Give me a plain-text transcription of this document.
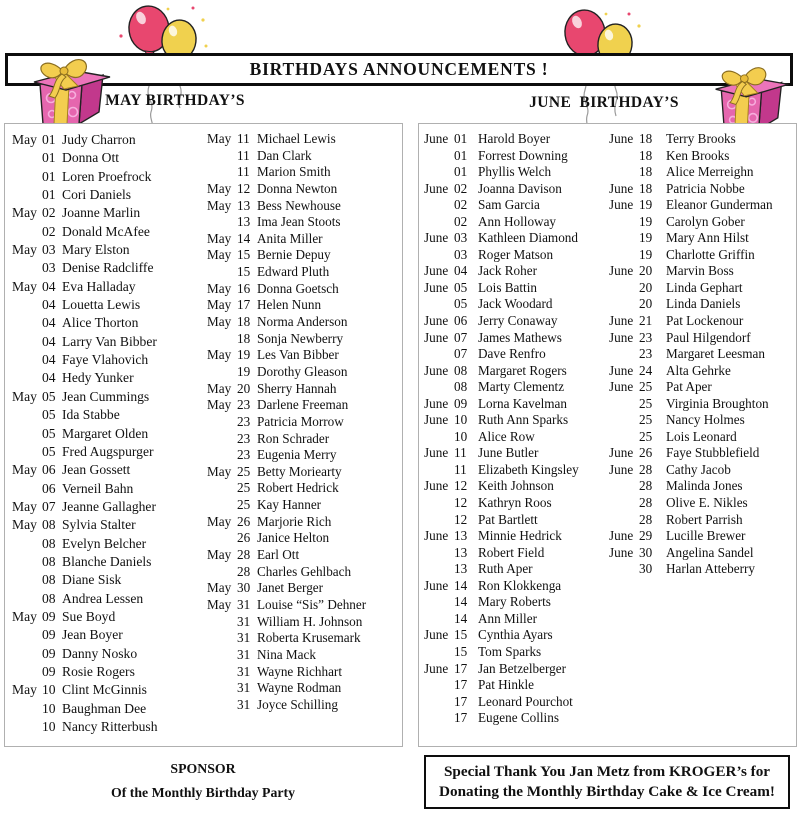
BIRTHDAYS ANNOUNCEMENTS !
MAY BIRTHDAY’S	JUNE BIRTHDAY’S
May 01 Judy Charron
01 Donna Ott
01 Loren Proefrock
01 Cori Daniels
May 02 Joanne Marlin
02 Donald McAfee
May 03 Mary Elston
03 Denise Radcliffe
May 04 Eva Halladay
04 Louetta Lewis
04 Alice Thorton
04 Larry Van Bibber
04 Faye Vlahovich
04 Hedy Yunker
May 05 Jean Cummings
05 Ida Stabbe
05 Margaret Olden
05 Fred Augspurger
May 06 Jean Gossett
06 Verneil Bahn
May 07 Jeanne Gallagher
May 08 Sylvia Stalter
08 Evelyn Belcher
08 Blanche Daniels
08 Diane Sisk
08 Andrea Lessen
May 09 Sue Boyd
09 Jean Boyer
09 Danny Nosko
09 Rosie Rogers
May 10 Clint McGinnis
10 Baughman Dee
10 Nancy Ritterbush
May 11 Michael Lewis
11 Dan Clark
11 Marion Smith
May 12 Donna Newton
May 13 Bess Newhouse
13 Ima Jean Stoots
May 14 Anita Miller
May 15 Bernie Depuy
15 Edward Pluth
May 16 Donna Goetsch
May 17 Helen Nunn
May 18 Norma Anderson
18 Sonja Newberry
May 19 Les Van Bibber
19 Dorothy Gleason
May 20 Sherry Hannah
May 23 Darlene Freeman
23 Patricia Morrow
23 Ron Schrader
23 Eugenia Merry
May 25 Betty Moriearty
25 Robert Hedrick
25 Kay Hanner
May 26 Marjorie Rich
26 Janice Helton
May 28 Earl Ott
28 Charles Gehlbach
May 30 Janet Berger
May 31 Louise “Sis” Dehner
31 William H. Johnson
31 Roberta Krusemark
31 Nina Mack
31 Wayne Richhart
31 Wayne Rodman
31 Joyce Schilling
June 01 Harold Boyer
01 Forrest Downing
01 Phyllis Welch
June 02 Joanna Davison
02 Sam Garcia
02 Ann Holloway
June 03 Kathleen Diamond
03 Roger Matson
June 04 Jack Roher
June 05 Lois Battin
05 Jack Woodard
June 06 Jerry Conaway
June 07 James Mathews
07 Dave Renfro
June 08 Margaret Rogers
08 Marty Clementz
June 09 Lorna Kavelman
June 10 Ruth Ann Sparks
10 Alice Row
June 11 June Butler
11 Elizabeth Kingsley
June 12 Keith Johnson
12 Kathryn Roos
12 Pat Bartlett
June 13 Minnie Hedrick
13 Robert Field
13 Ruth Aper
June 14 Ron Klokkenga
14 Mary Roberts
14 Ann Miller
June 15 Cynthia Ayars
15 Tom Sparks
June 17 Jan Betzelberger
17 Pat Hinkle
17 Leonard Pourchot
17 Eugene Collins
June 18	Terry Brooks
18	Ken Brooks
18	Alice Merreighn
June 18	Patricia Nobbe
June 19	Eleanor Gunderman
19	Carolyn Gober
19	Mary Ann Hilst
19	Charlotte Griffin
June 20	Marvin Boss
20	Linda Gephart
20	Linda Daniels
June 21	Pat Lockenour
June 23	Paul Hilgendorf
23	Margaret Leesman
June 24	Alta Gehrke
June 25	Pat Aper
25	Virginia Broughton
25	Nancy Holmes
25	Lois Leonard
June 26	Faye Stubblefield
June 28	Cathy Jacob
28	Malinda Jones
28	Olive E. Nikles
28	Robert Parrish
June 29	Lucille Brewer
June 30	Angelina Sandel
30	Harlan Atteberry
SPONSOR
Of the Monthly Birthday Party
Special Thank You Jan Metz from KROGER’s for
Donating the Monthly Birthday Cake & Ice Cream!
